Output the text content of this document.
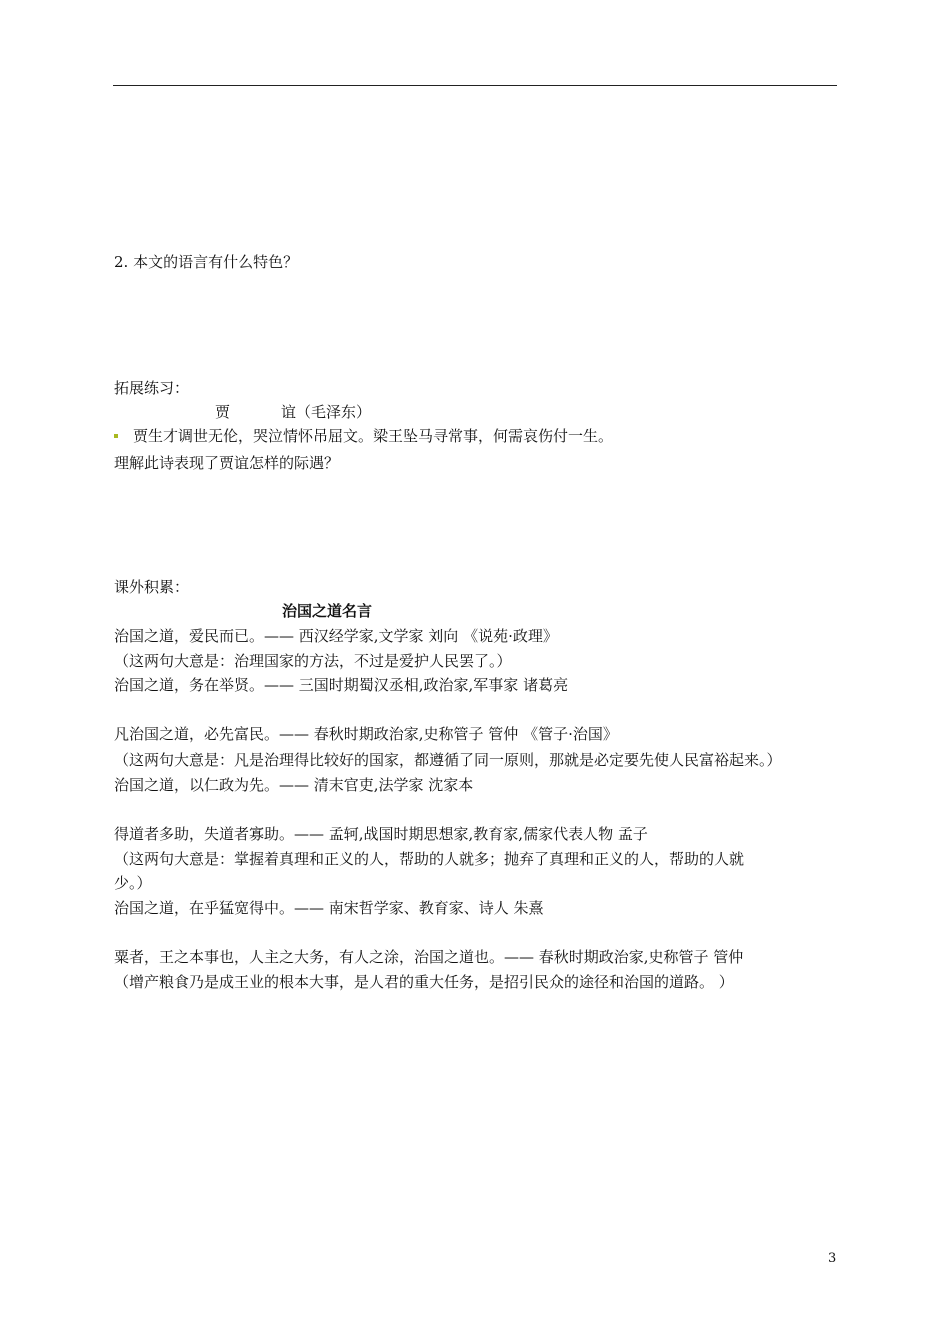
2. 本文的语言有什么特色？
拓展练习：
贾	谊（毛泽东）
贾生才调世无伦，哭泣情怀吊屈文。梁王坠马寻常事，何需哀伤付一生。
理解此诗表现了贾谊怎样的际遇？
课外积累：
治国之道名言
治国之道，爱民而已。—— 西汉经学家,文学家 刘向 《说苑·政理》
（这两句大意是：治理国家的方法，不过是爱护人民罢了。）
治国之道，务在举贤。—— 三国时期蜀汉丞相,政治家,军事家 诸葛亮
凡治国之道，必先富民。—— 春秋时期政治家,史称管子 管仲 《管子·治国》
（这两句大意是：凡是治理得比较好的国家，都遵循了同一原则，那就是必定要先使人民富裕起来。）
治国之道，以仁政为先。—— 清末官吏,法学家 沈家本
得道者多助，失道者寡助。—— 孟轲,战国时期思想家,教育家,儒家代表人物 孟子
（这两句大意是：掌握着真理和正义的人，帮助的人就多；抛弃了真理和正义的人，帮助的人就
少。）
治国之道，在乎猛宽得中。—— 南宋哲学家、教育家、诗人 朱熹
粟者，王之本事也，人主之大务，有人之涂，治国之道也。—— 春秋时期政治家,史称管子 管仲
（增产粮食乃是成王业的根本大事，是人君的重大任务，是招引民众的途径和治国的道路。 ）
3
